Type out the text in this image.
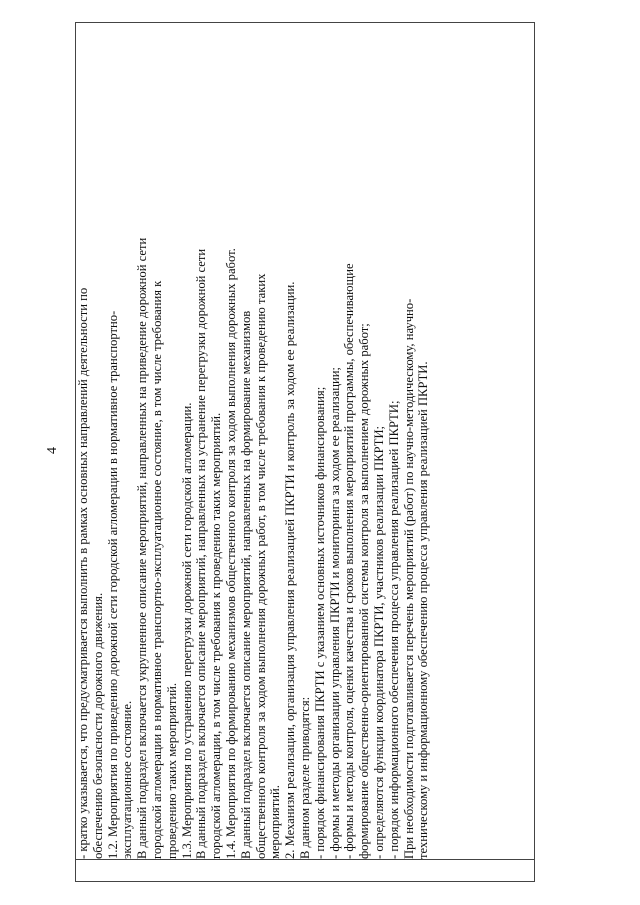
4
	- кратко указывается, что предусматривается выполнить в рамках основных направлений деятельности по обеспечению безопасности дорожного движения. 1.2. Мероприятия по приведению дорожной сети городской агломерации в нормативное транспортно- эксплуатационное состояние. В данный подраздел включается укрупненное описание мероприятий, направленных на приведение дорожной сети городской агломерации в нормативное транспортно-эксплуатационное состояние, в том числе требования к проведению таких мероприятий. 1.3. Мероприятия по устранению перегрузки дорожной сети городской агломерации. В данный подраздел включается описание мероприятий, направленных на устранение перегрузки дорожной сети городской агломерации, в том числе требования к проведению таких мероприятий. 1.4. Мероприятия по формированию механизмов общественного контроля за ходом выполнения дорожных работ. В данный подраздел включается описание мероприятий, направленных на формирование механизмов общественного контроля за ходом выполнения дорожных работ, в том числе требования к проведению таких мероприятий. 2. Механизм реализации, организация управления реализацией ПКРТИ и контроль за ходом ее реализации. В данном разделе приводятся: - порядок финансирования ПКРТИ с указанием основных источников финансирования; - формы и методы организации управления ПКРТИ и мониторинга за ходом ее реализации; - формы и методы контроля, оценки качества и сроков выполнения мероприятий программы, обеспечивающие формирование общественно-ориентированной системы контроля за выполнением дорожных работ; - определяются функции координатора ПКРТИ, участников реализации ПКРТИ; - порядок информационного обеспечения процесса управления реализацией ПКРТИ; При необходимости подготавливается перечень мероприятий (работ) по научно-методическому, научно- техническому и информационному обеспечению процесса управления реализацией ПКРТИ.
